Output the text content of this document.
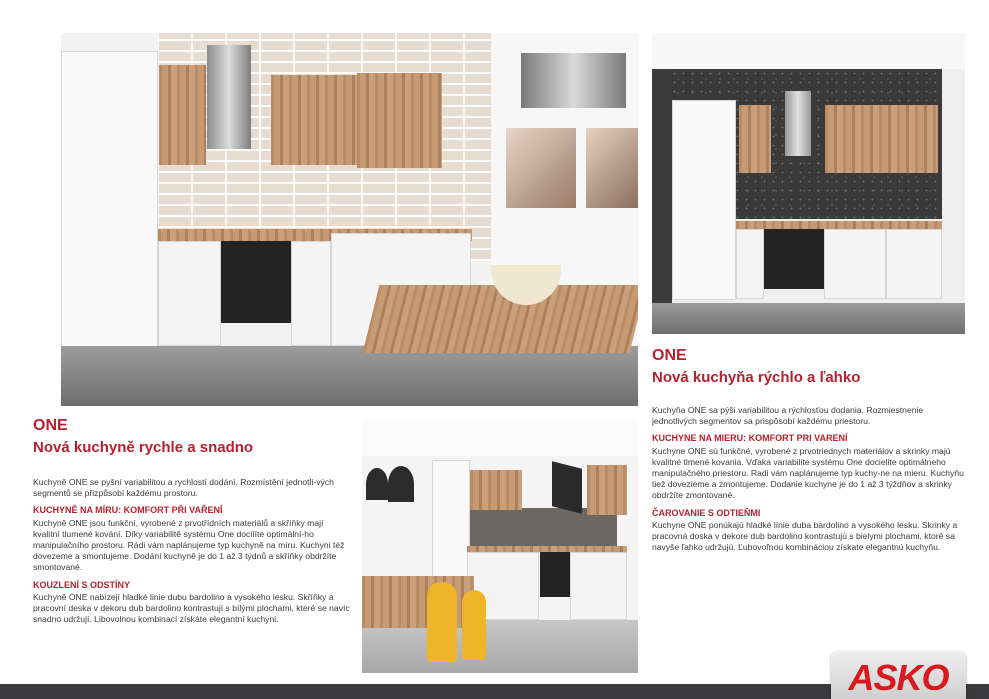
ONE
Nová kuchyně rychle a snadno

Kuchyně ONE se pyšní variabilitou a rychlostí dodání. Rozmístění jednotli-vých segmentů se přizpůsobí každému prostoru.

KUCHYNĚ NA MÍRU: KOMFORT PŘI VAŘENÍ

Kuchyně ONE jsou funkční, vyrobené z prvotřídních materiálů a skříňky mají kvalitní tlumené kování. Díky variabilitě systému One docílíte optimální-ho manipulačního prostoru. Rádi vám naplánujeme typ kuchyně na míru. Kuchyni též dovezeme a smontujeme. Dodání kuchyně je do 1 až 3 týdnů a skříňky obdržíte smontované.

KOUZLENÍ S ODSTÍNY

Kuchyně ONE nabízejí hladké linie dubu bardolino a vysokého lesku. Skříňky a pracovní deska v dekoru dub bardolino kontrastují s bílými plochami, které se navíc snadno udržují. Libovolnou kombinací získáte elegantní kuchyni.

ONE
Nová kuchyňa rýchlo a ľahko

Kuchyňa ONE sa pýši variabilitou a rýchlosťou dodania. Rozmiestnenie jednotlivých segmentov sa prispôsobí každému priestoru.

KUCHYNE NA MIERU: KOMFORT PRI VARENÍ

Kuchyne ONE sú funkčné, vyrobené z prvotriednych materiálov a skrinky majú kvalitné tlmené kovania. Vďaka variabilite systému One docielite optimálneho manipulačného priestoru. Radi vám naplánujeme typ kuchy-ne na mieru. Kuchyňu tiež dovezieme a zmontujeme. Dodanie kuchyne je do 1 až 3 týždňov a skrinky obdržíte zmontované.

ČAROVANIE S ODTIEŇMI

Kuchyne ONE ponúkajú hladké línie duba bardolino a vysokého lesku. Skrinky a pracovná doska v dekore dub bardolino kontrastujú s bielymi plochami, ktoré sa navyše ľahko udržujú. Ľubovoľnou kombináciou získate elegantnú kuchyňu.

ASKO
